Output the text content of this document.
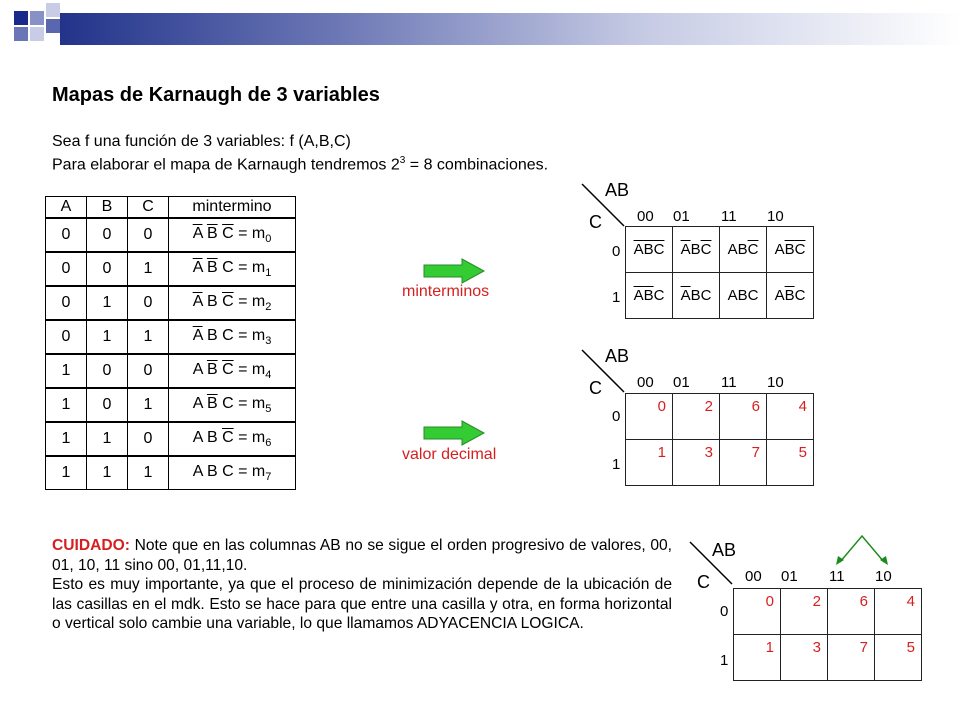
Mapas de Karnaugh de 3 variables
Sea f una función de 3 variables: f (A,B,C)
Para elaborar el mapa de Karnaugh tendremos $2^3 = 8$ combinaciones.
A	B	C	mintermino
0	0	0	$\overline{A}$ $\overline{B}$ $\overline{C} = m_0$
0	0	1	$\overline{A}$ $\overline{B}$ $C = m_1$
0	1	0	$\overline{A}$ B $\overline{C} = m_2$
0	1	1	$\overline{A}$ B $C = m_3$
1	0	0	A $\overline{B}$ $\overline{C} = m_4$
1	0	1	A $\overline{B}$ $C = m_5$
1	1	0	A B $\overline{C} = m_6$
1	1	1	A B $C = m_7$
minterminos
valor decimal
AB
C 00 01 11 10
0
1
$\overline{A}\overline{B}\overline{C}$	$\overline{A}B\overline{C}$	$AB\overline{C}$	$A\overline{B}\overline{C}$
$\overline{A}\overline{B}C$	$\overline{A}BC$	ABC	$A\overline{B}C$
AB
C 00 01 11 10
0
1
0	2	6	4

1	3	7	5
CUIDADO: Note que en las columnas AB no se sigue el orden progresivo de valores, 00, 01, 10, 11 sino 00, 01,11,10.
Esto es muy importante, ya que el proceso de minimización depende de la ubicación de las casillas en el mdk. Esto se hace para que entre una casilla y otra, en forma horizontal o vertical solo cambie una variable, lo que llamamos ADYACENCIA LOGICA.
AB
C 00 01 11 10
0
1
0	2	6	4

1	3	7	5
